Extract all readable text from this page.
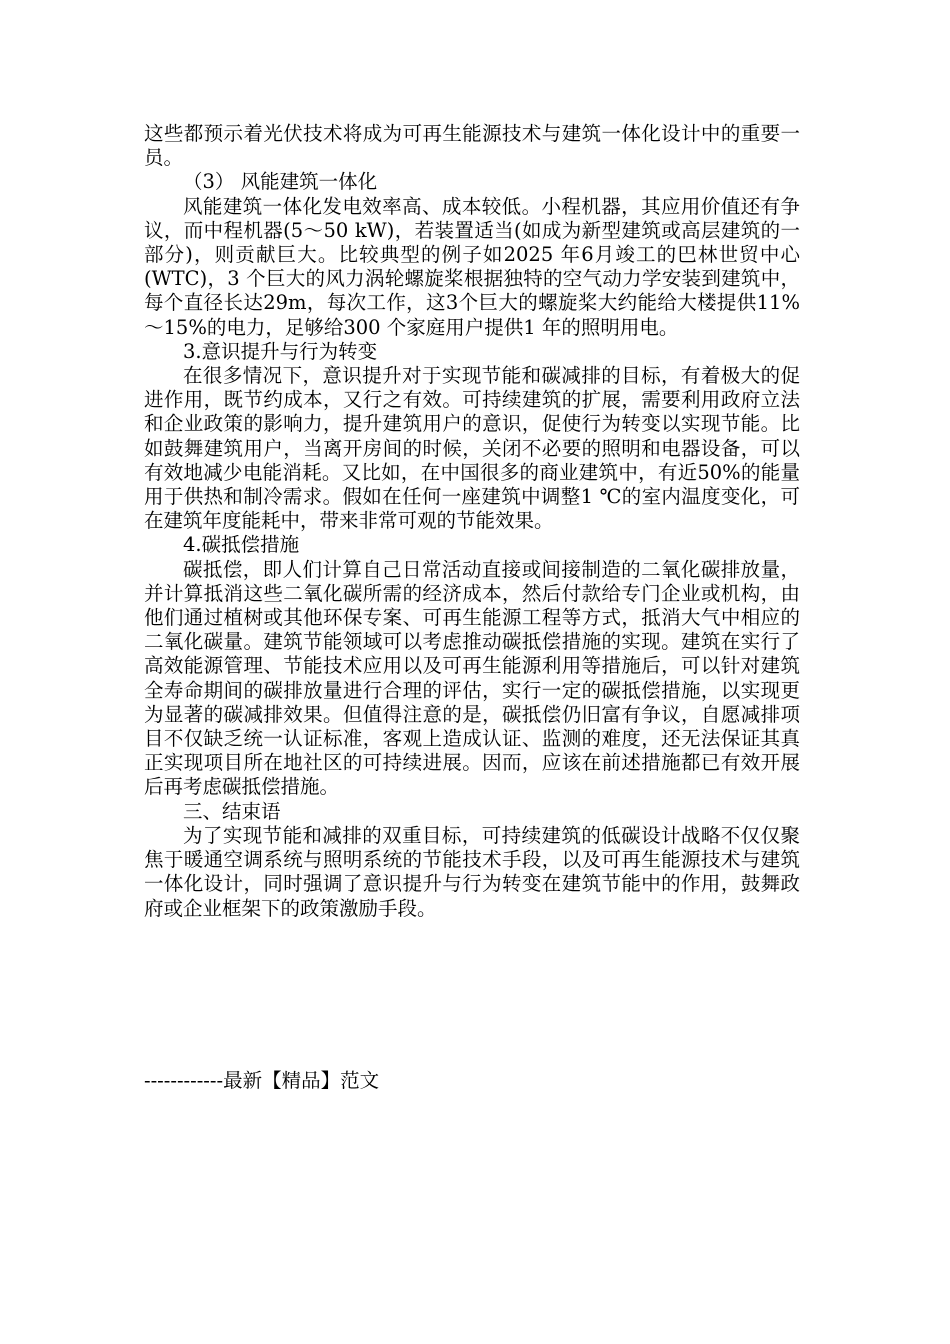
这些都预示着光伏技术将成为可再生能源技术与建筑一体化设计中的重要一员。

（3） 风能建筑一体化

风能建筑一体化发电效率高、成本较低。小程机器，其应用价值还有争议，而中程机器(5～50 kW)，若装置适当(如成为新型建筑或高层建筑的一部分)，则贡献巨大。比较典型的例子如2025 年6月竣工的巴林世贸中心(WTC)，3 个巨大的风力涡轮螺旋桨根据独特的空气动力学安装到建筑中，每个直径长达29m，每次工作，这3个巨大的螺旋桨大约能给大楼提供11%～15%的电力，足够给300 个家庭用户提供1 年的照明用电。

3.意识提升与行为转变

在很多情况下，意识提升对于实现节能和碳减排的目标，有着极大的促进作用，既节约成本，又行之有效。可持续建筑的扩展，需要利用政府立法和企业政策的影响力，提升建筑用户的意识，促使行为转变以实现节能。比如鼓舞建筑用户，当离开房间的时候，关闭不必要的照明和电器设备，可以有效地减少电能消耗。又比如，在中国很多的商业建筑中，有近50%的能量用于供热和制冷需求。假如在任何一座建筑中调整1 ℃的室内温度变化，可在建筑年度能耗中，带来非常可观的节能效果。

4.碳抵偿措施

碳抵偿，即人们计算自己日常活动直接或间接制造的二氧化碳排放量，并计算抵消这些二氧化碳所需的经济成本，然后付款给专门企业或机构，由他们通过植树或其他环保专案、可再生能源工程等方式，抵消大气中相应的二氧化碳量。建筑节能领域可以考虑推动碳抵偿措施的实现。建筑在实行了高效能源管理、节能技术应用以及可再生能源利用等措施后，可以针对建筑全寿命期间的碳排放量进行合理的评估，实行一定的碳抵偿措施，以实现更为显著的碳减排效果。但值得注意的是，碳抵偿仍旧富有争议，自愿减排项目不仅缺乏统一认证标准，客观上造成认证、监测的难度，还无法保证其真正实现项目所在地社区的可持续进展。因而，应该在前述措施都已有效开展后再考虑碳抵偿措施。

三、结束语

为了实现节能和减排的双重目标，可持续建筑的低碳设计战略不仅仅聚焦于暖通空调系统与照明系统的节能技术手段，以及可再生能源技术与建筑一体化设计，同时强调了意识提升与行为转变在建筑节能中的作用，鼓舞政府或企业框架下的政策激励手段。

------------最新【精品】范文
